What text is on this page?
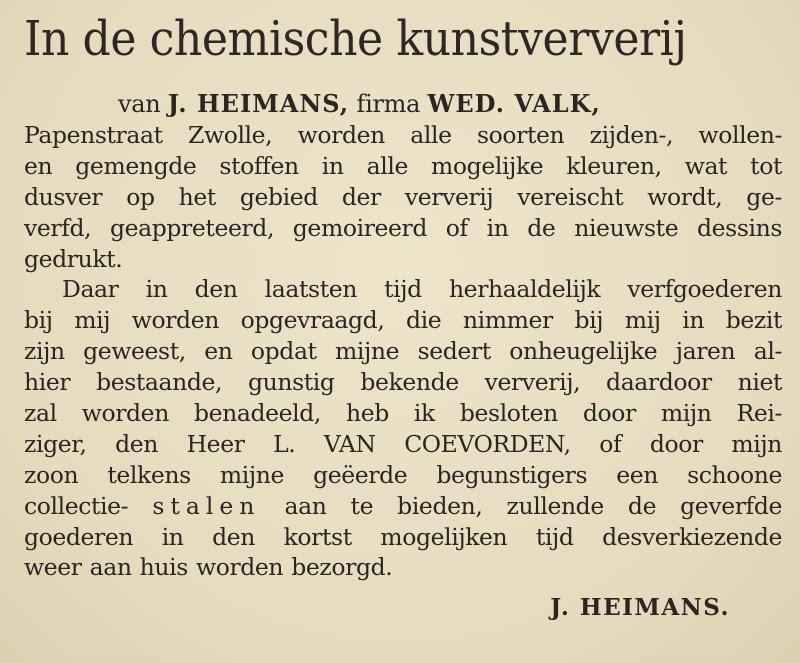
In de chemische kunstververij
van J. HEIMANS, firma WED. VALK,
Papenstraat Zwolle, worden alle soorten zijden-, wollen-
en gemengde stoffen in alle mogelijke kleuren, wat tot
dusver op het gebied der ververij vereischt wordt, ge-
verfd, geappreteerd, gemoireerd of in de nieuwste dessins
gedrukt.
Daar in den laatsten tijd herhaaldelijk verfgoederen
bij mij worden opgevraagd, die nimmer bij mij in bezit
zijn geweest, en opdat mijne sedert onheugelijke jaren al-
hier bestaande, gunstig bekende ververij, daardoor niet
zal worden benadeeld, heb ik besloten door mijn Rei-
ziger, den Heer L. VAN COEVORDEN, of door mijn
zoon telkens mijne geëerde begunstigers een schoone
collectie- stalen aan te bieden, zullende de geverfde
goederen in den kortst mogelijken tijd desverkiezende
weer aan huis worden bezorgd.
J. HEIMANS.
